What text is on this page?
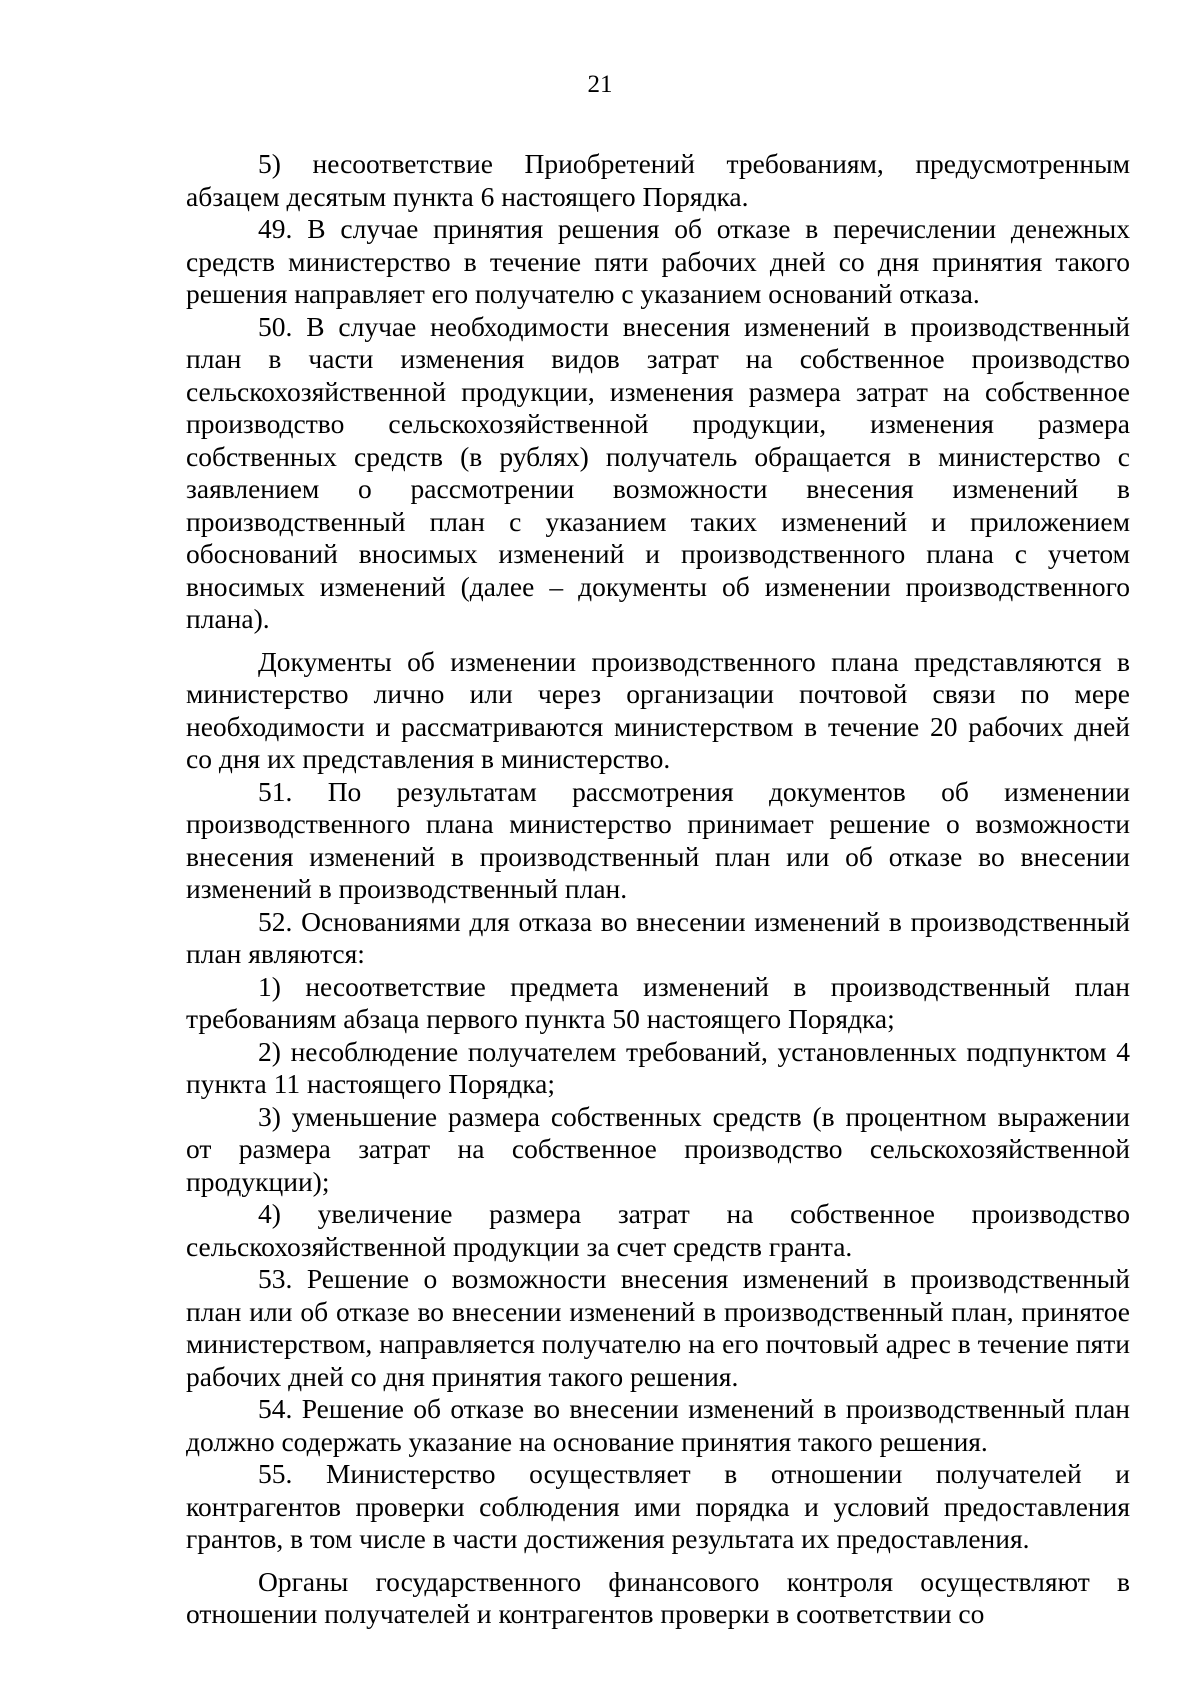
21

5) несоответствие Приобретений требованиям, предусмотренным абзацем десятым пункта 6 настоящего Порядка.

49. В случае принятия решения об отказе в перечислении денежных средств министерство в течение пяти рабочих дней со дня принятия такого решения направляет его получателю с указанием оснований отказа.

50. В случае необходимости внесения изменений в производственный план в части изменения видов затрат на собственное производство сельскохозяйственной продукции, изменения размера затрат на собственное производство сельскохозяйственной продукции, изменения размера собственных средств (в рублях) получатель обращается в министерство с заявлением о рассмотрении возможности внесения изменений в производственный план с указанием таких изменений и приложением обоснований вносимых изменений и производственного плана с учетом вносимых изменений (далее – документы об изменении производственного плана).

Документы об изменении производственного плана представляются в министерство лично или через организации почтовой связи по мере необходимости и рассматриваются министерством в течение 20 рабочих дней со дня их представления в министерство.

51. По результатам рассмотрения документов об изменении производственного плана министерство принимает решение о возможности внесения изменений в производственный план или об отказе во внесении изменений в производственный план.

52. Основаниями для отказа во внесении изменений в производственный план являются:

1) несоответствие предмета изменений в производственный план требованиям абзаца первого пункта 50 настоящего Порядка;

2) несоблюдение получателем требований, установленных подпунктом 4 пункта 11 настоящего Порядка;

3) уменьшение размера собственных средств (в процентном выражении от размера затрат на собственное производство сельскохозяйственной продукции);

4) увеличение размера затрат на собственное производство сельскохозяйственной продукции за счет средств гранта.

53. Решение о возможности внесения изменений в производственный план или об отказе во внесении изменений в производственный план, принятое министерством, направляется получателю на его почтовый адрес в течение пяти рабочих дней со дня принятия такого решения.

54. Решение об отказе во внесении изменений в производственный план должно содержать указание на основание принятия такого решения.

55. Министерство осуществляет в отношении получателей и контрагентов проверки соблюдения ими порядка и условий предоставления грантов, в том числе в части достижения результата их предоставления.

Органы государственного финансового контроля осуществляют в отношении получателей и контрагентов проверки в соответствии со
